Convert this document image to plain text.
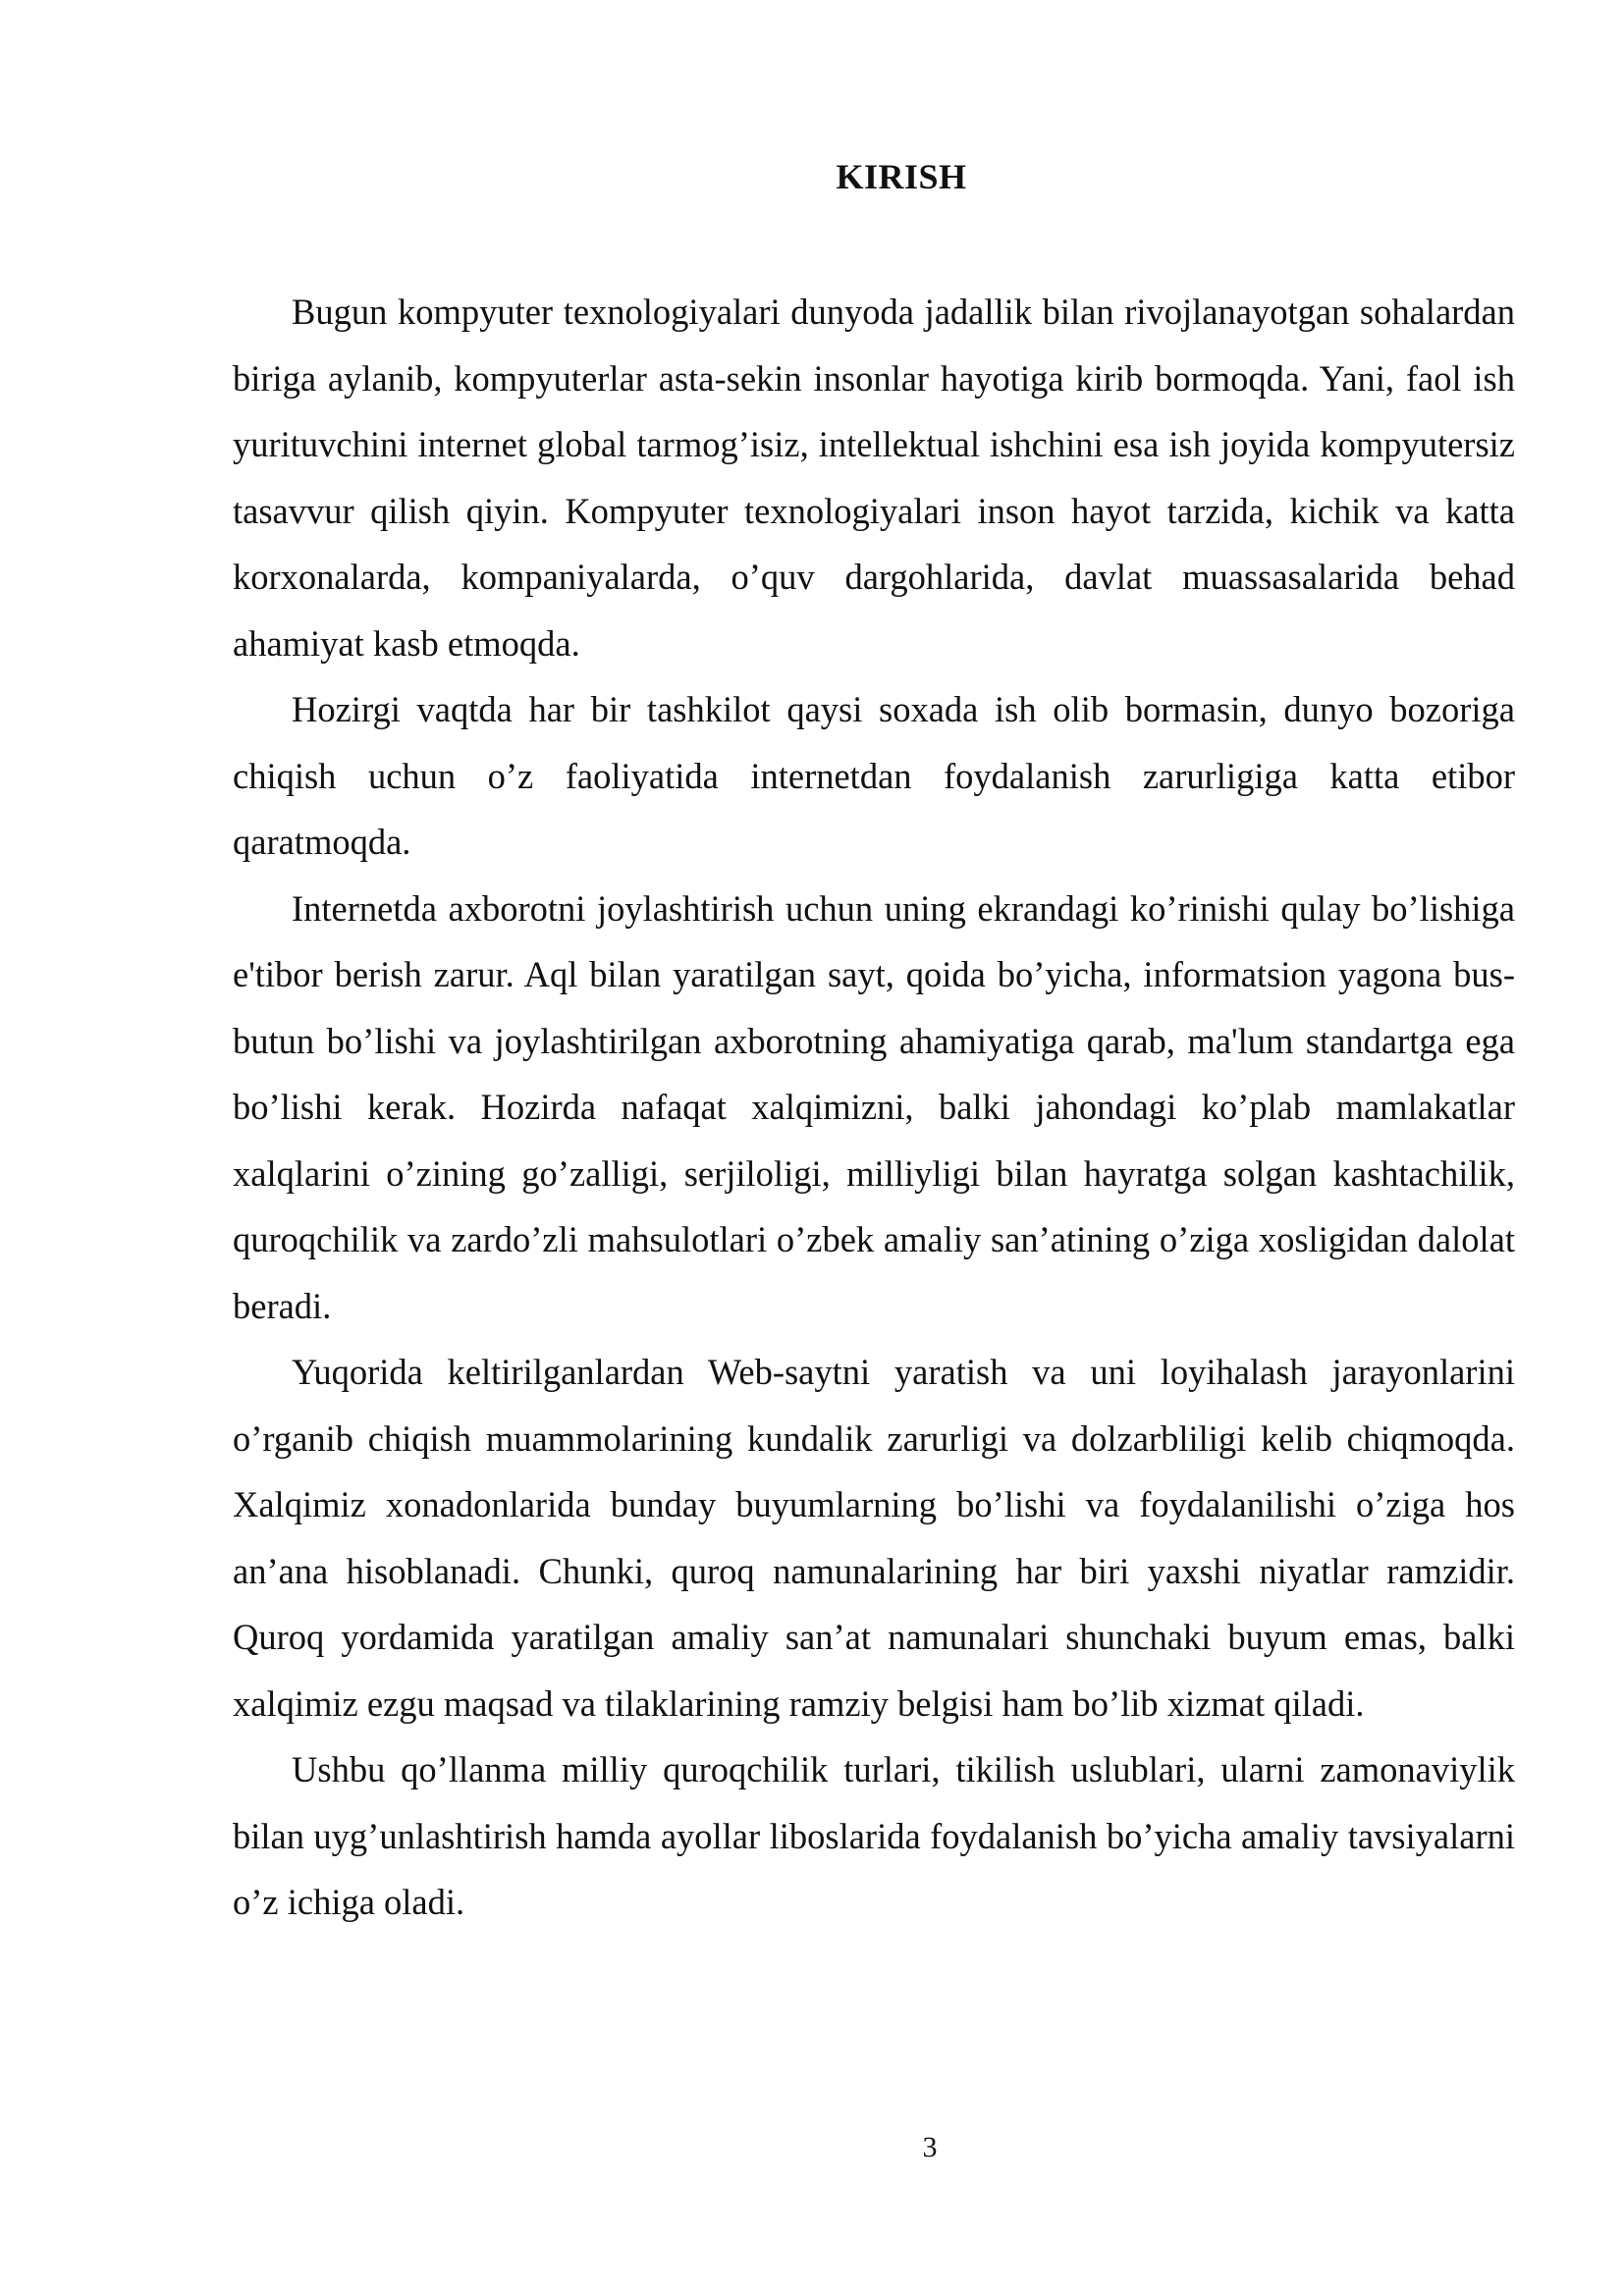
KIRISH

Bugun kompyuter texnologiyalari dunyoda jadallik bilan rivojlanayotgan sohalardan biriga aylanib, kompyuterlar asta-sekin insonlar hayotiga kirib bormoqda. Yani, faol ish yurituvchini internet global tarmog’isiz, intellektual ishchini esa ish joyida kompyutersiz tasavvur qilish qiyin. Kompyuter texnologiyalari inson hayot tarzida, kichik va katta korxonalarda, kompaniyalarda, o’quv dargohlarida, davlat muassasalarida behad ahamiyat kasb etmoqda.

Hozirgi vaqtda har bir tashkilot qaysi soxada ish olib bormasin, dunyo bozoriga chiqish uchun o’z faoliyatida internetdan foydalanish zarurligiga katta etibor qaratmoqda.

Internetda axborotni joylashtirish uchun uning ekrandagi ko’rinishi qulay bo’lishiga e'tibor berish zarur. Aql bilan yaratilgan sayt, qoida bo’yicha, informatsion yagona bus-butun bo’lishi va joylashtirilgan axborotning ahamiyatiga qarab, ma'lum standartga ega bo’lishi kerak. Hozirda nafaqat xalqimizni, balki jahondagi ko’plab mamlakatlar xalqlarini o’zining go’zalligi, serjiloligi, milliyligi bilan hayratga solgan kashtachilik, quroqchilik va zardo’zli mahsulotlari o’zbek amaliy san’atining o’ziga xosligidan dalolat beradi.

Yuqorida keltirilganlardan Web-saytni yaratish va uni loyihalash jarayonlarini o’rganib chiqish muammolarining kundalik zarurligi va dolzarbliligi kelib chiqmoqda. Xalqimiz xonadonlarida bunday buyumlarning bo’lishi va foydalanilishi o’ziga hos an’ana hisoblanadi. Chunki, quroq namunalarining har biri yaxshi niyatlar ramzidir. Quroq yordamida yaratilgan amaliy san’at namunalari shunchaki buyum emas, balki xalqimiz ezgu maqsad va tilaklarining ramziy belgisi ham bo’lib xizmat qiladi.

Ushbu qo’llanma milliy quroqchilik turlari, tikilish uslublari, ularni zamonaviylik bilan uyg’unlashtirish hamda ayollar liboslarida foydalanish bo’yicha amaliy tavsiyalarni o’z ichiga oladi.

3
